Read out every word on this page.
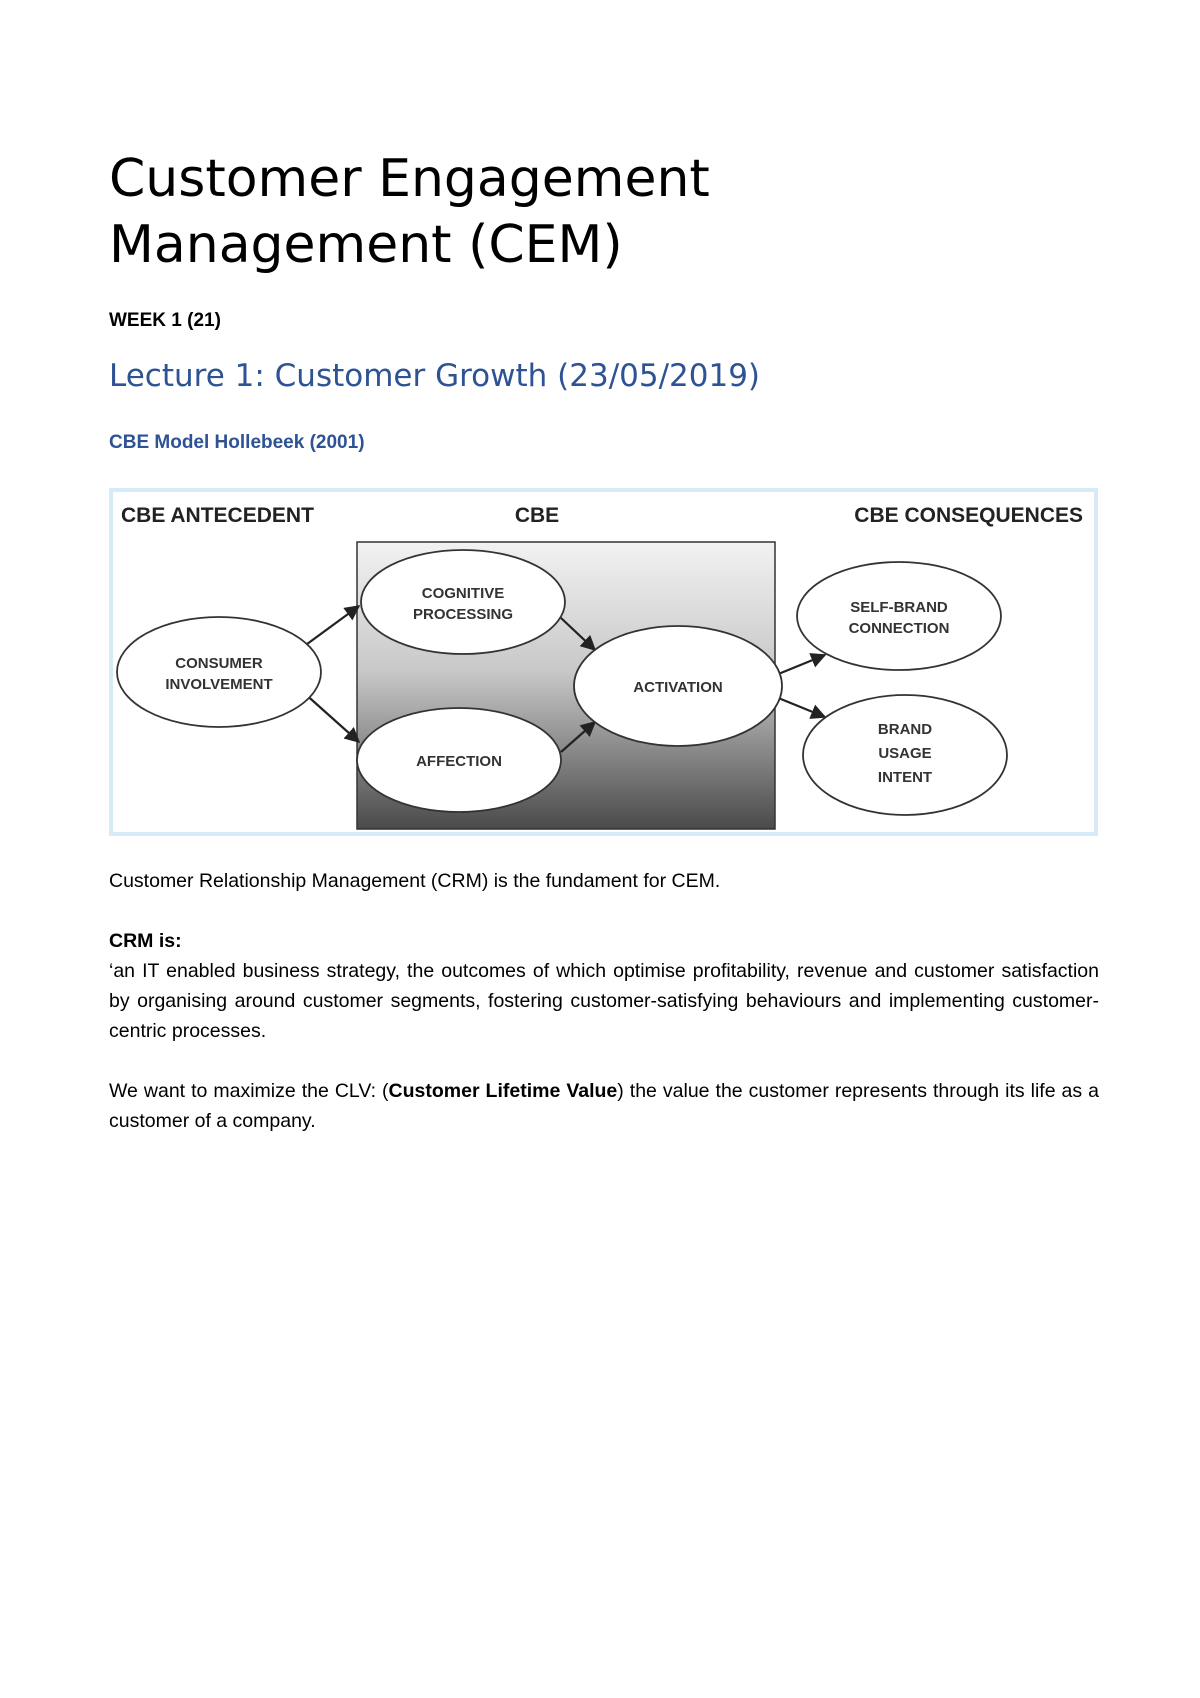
Customer Engagement
Management (CEM)
WEEK 1 (21)
Lecture 1: Customer Growth (23/05/2019)
CBE Model Hollebeek (2001)
CBE ANTECEDENT	CBE	CBE CONSEQUENCES
CONSUMER
INVOLVEMENT
COGNITIVE
PROCESSING
AFFECTION
ACTIVATION
SELF-BRAND
CONNECTION
BRAND
USAGE
INTENT

Customer Relationship Management (CRM) is the fundament for CEM.

CRM is:
‘an IT enabled business strategy, the outcomes of which optimise profitability, revenue and customer satisfaction by organising around customer segments, fostering customer-satisfying behaviours and implementing customer-centric processes.

We want to maximize the CLV: (Customer Lifetime Value) the value the customer represents through its life as a customer of a company.
